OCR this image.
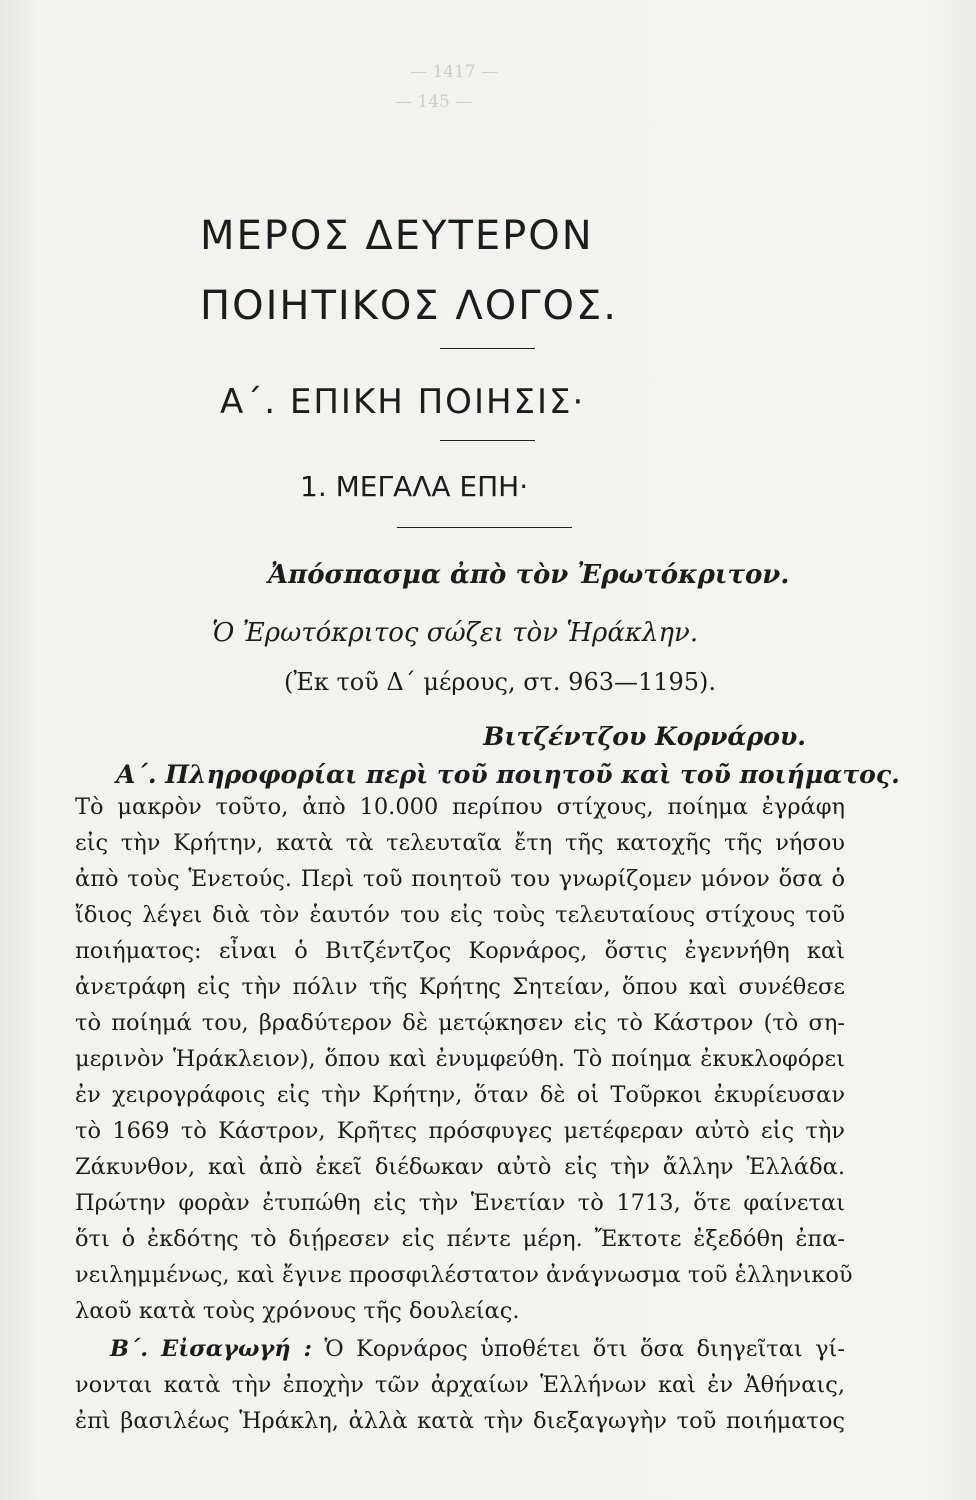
— 1417 —
— 145 —
ΜΕΡΟΣ ΔΕΥΤΕΡΟΝ
ΠΟΙΗΤΙΚΟΣ ΛΟΓΟΣ.
Α΄. ΕΠΙΚΗ ΠΟΙΗΣΙΣ·
1. ΜΕΓΑΛΑ ΕΠΗ·
Ἀπόσπασμα ἀπὸ τὸν Ἐρωτόκριτον.
Ὁ Ἐρωτόκριτος σώζει τὸν Ἡράκλην.
(Ἐκ τοῦ Δ΄ μέρους, στ. 963—1195).
Βιτζέντζου Κορνάρου.
Α΄. Πληροφορίαι περὶ τοῦ ποιητοῦ καὶ τοῦ ποιήματος.
Τὸ μακρὸν τοῦτο, ἀπὸ 10.000 περίπου στίχους, ποίημα ἐγράφη
εἰς τὴν Κρήτην, κατὰ τὰ τελευταῖα ἔτη τῆς κατοχῆς τῆς νήσου
ἀπὸ τοὺς Ἑνετούς. Περὶ τοῦ ποιητοῦ του γνωρίζομεν μόνον ὅσα ὁ
ἴδιος λέγει διὰ τὸν ἑαυτόν του εἰς τοὺς τελευταίους στίχους τοῦ
ποιήματος: εἶναι ὁ Βιτζέντζος Κορνάρος, ὅστις ἐγεννήθη καὶ
ἀνετράφη εἰς τὴν πόλιν τῆς Κρήτης Σητείαν, ὅπου καὶ συνέθεσε
τὸ ποίημά του, βραδύτερον δὲ μετῴκησεν εἰς τὸ Κάστρον (τὸ ση-
μερινὸν Ἡράκλειον), ὅπου καὶ ἐνυμφεύθη. Τὸ ποίημα ἐκυκλοφόρει
ἐν χειρογράφοις εἰς τὴν Κρήτην, ὅταν δὲ οἱ Τοῦρκοι ἐκυρίευσαν
τὸ 1669 τὸ Κάστρον, Κρῆτες πρόσφυγες μετέφεραν αὐτὸ εἰς τὴν
Ζάκυνθον, καὶ ἀπὸ ἐκεῖ διέδωκαν αὐτὸ εἰς τὴν ἄλλην Ἑλλάδα.
Πρώτην φορὰν ἐτυπώθη εἰς τὴν Ἑνετίαν τὸ 1713, ὅτε φαίνεται
ὅτι ὁ ἐκδότης τὸ διῄρεσεν εἰς πέντε μέρη. Ἔκτοτε ἐξεδόθη ἐπα-
νειλημμένως, καὶ ἔγινε προσφιλέστατον ἀνάγνωσμα τοῦ ἑλληνικοῦ
λαοῦ κατὰ τοὺς χρόνους τῆς δουλείας.
Β΄. Εἰσαγωγή : Ὁ Κορνάρος ὑποθέτει ὅτι ὅσα διηγεῖται γί-
νονται κατὰ τὴν ἐποχὴν τῶν ἀρχαίων Ἑλλήνων καὶ ἐν Ἀθήναις,
ἐπὶ βασιλέως Ἡράκλη, ἀλλὰ κατὰ τὴν διεξαγωγὴν τοῦ ποιήματος
